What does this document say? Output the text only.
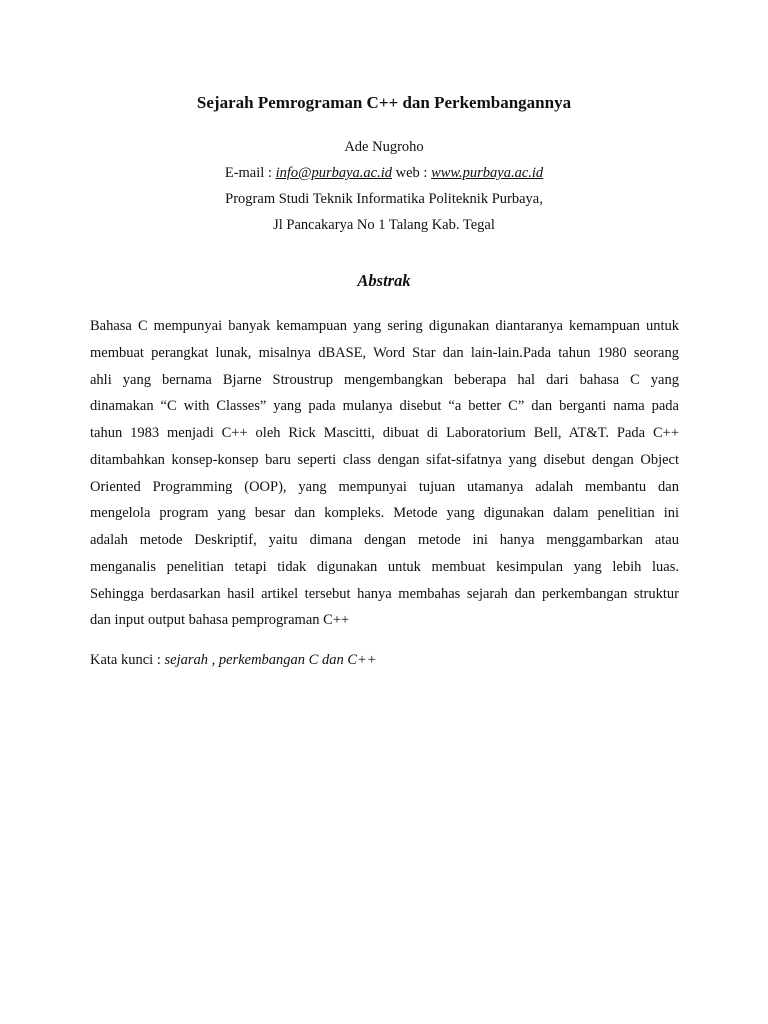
Sejarah Pemrograman C++ dan Perkembangannya
Ade Nugroho
E-mail : info@purbaya.ac.id web : www.purbaya.ac.id
Program Studi Teknik Informatika Politeknik Purbaya,
Jl Pancakarya No 1 Talang Kab. Tegal
Abstrak
Bahasa C mempunyai banyak kemampuan yang sering digunakan diantaranya kemampuan untuk
membuat perangkat lunak, misalnya dBASE, Word Star dan lain-lain.Pada tahun 1980 seorang
ahli yang bernama Bjarne Stroustrup mengembangkan beberapa hal dari bahasa C yang
dinamakan “C with Classes” yang pada mulanya disebut “a better C” dan berganti nama pada
tahun 1983 menjadi C++ oleh Rick Mascitti, dibuat di Laboratorium Bell, AT&T. Pada C++
ditambahkan konsep-konsep baru seperti class dengan sifat-sifatnya yang disebut dengan Object
Oriented Programming (OOP), yang mempunyai tujuan utamanya adalah membantu dan
mengelola program yang besar dan kompleks. Metode yang digunakan dalam penelitian ini
adalah metode Deskriptif, yaitu dimana dengan metode ini hanya menggambarkan atau
menganalis penelitian tetapi tidak digunakan untuk membuat kesimpulan yang lebih luas.
Sehingga berdasarkan hasil artikel tersebut hanya membahas sejarah dan perkembangan struktur
dan input output bahasa pemprograman C++
Kata kunci : sejarah , perkembangan C dan C++
